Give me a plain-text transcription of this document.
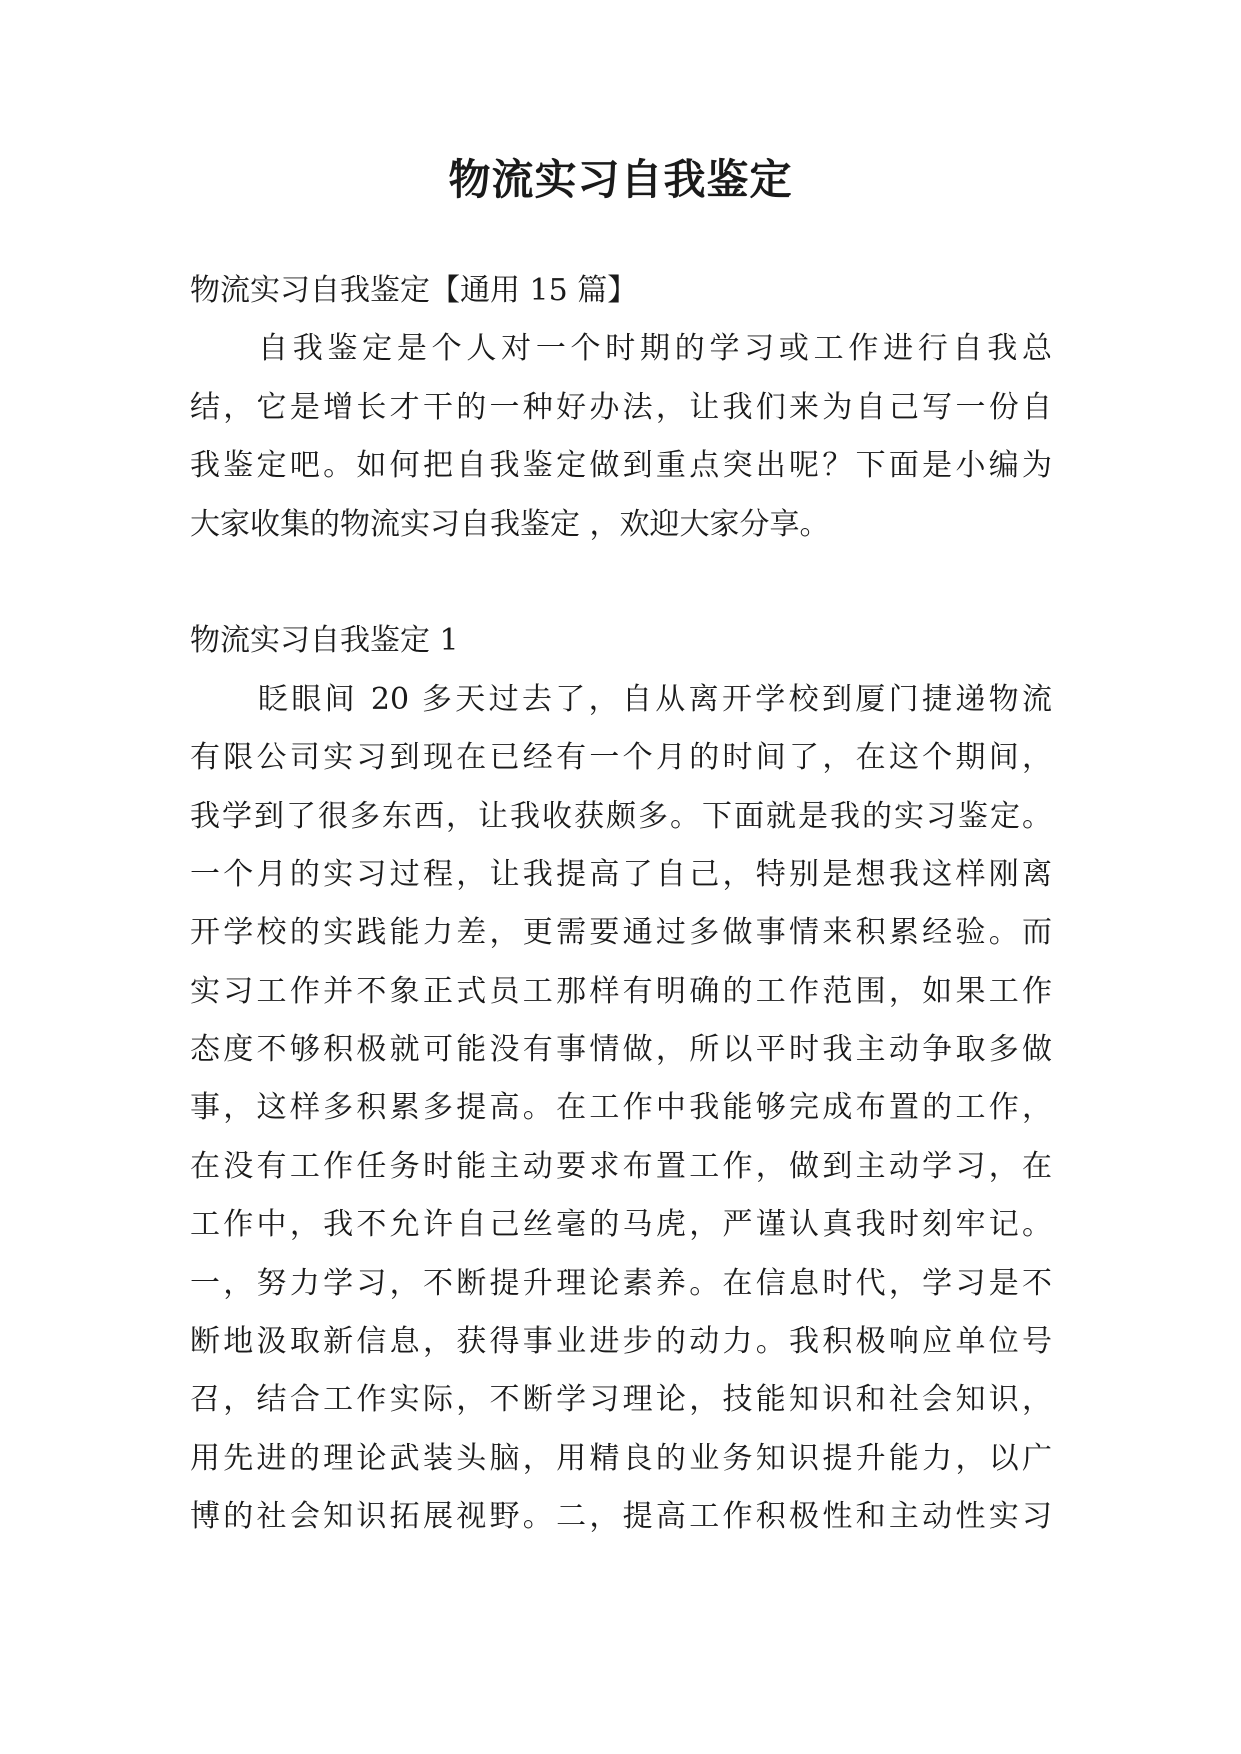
物流实习自我鉴定
物流实习自我鉴定【通用 15 篇】
自我鉴定是个人对一个时期的学习或工作进行自我总
结，它是增长才干的一种好办法，让我们来为自己写一份自
我鉴定吧。如何把自我鉴定做到重点突出呢？下面是小编为
大家收集的物流实习自我鉴定 ，欢迎大家分享。
物流实习自我鉴定 1
眨眼间 20 多天过去了，自从离开学校到厦门捷递物流
有限公司实习到现在已经有一个月的时间了，在这个期间，
我学到了很多东西，让我收获颇多。下面就是我的实习鉴定。
一个月的实习过程，让我提高了自己，特别是想我这样刚离
开学校的实践能力差，更需要通过多做事情来积累经验。而
实习工作并不象正式员工那样有明确的工作范围，如果工作
态度不够积极就可能没有事情做，所以平时我主动争取多做
事，这样多积累多提高。在工作中我能够完成布置的工作，
在没有工作任务时能主动要求布置工作，做到主动学习，在
工作中，我不允许自己丝毫的马虎，严谨认真我时刻牢记。
一，努力学习，不断提升理论素养。在信息时代，学习是不
断地汲取新信息，获得事业进步的动力。我积极响应单位号
召，结合工作实际，不断学习理论，技能知识和社会知识，
用先进的理论武装头脑，用精良的业务知识提升能力，以广
博的社会知识拓展视野。二，提高工作积极性和主动性实习
